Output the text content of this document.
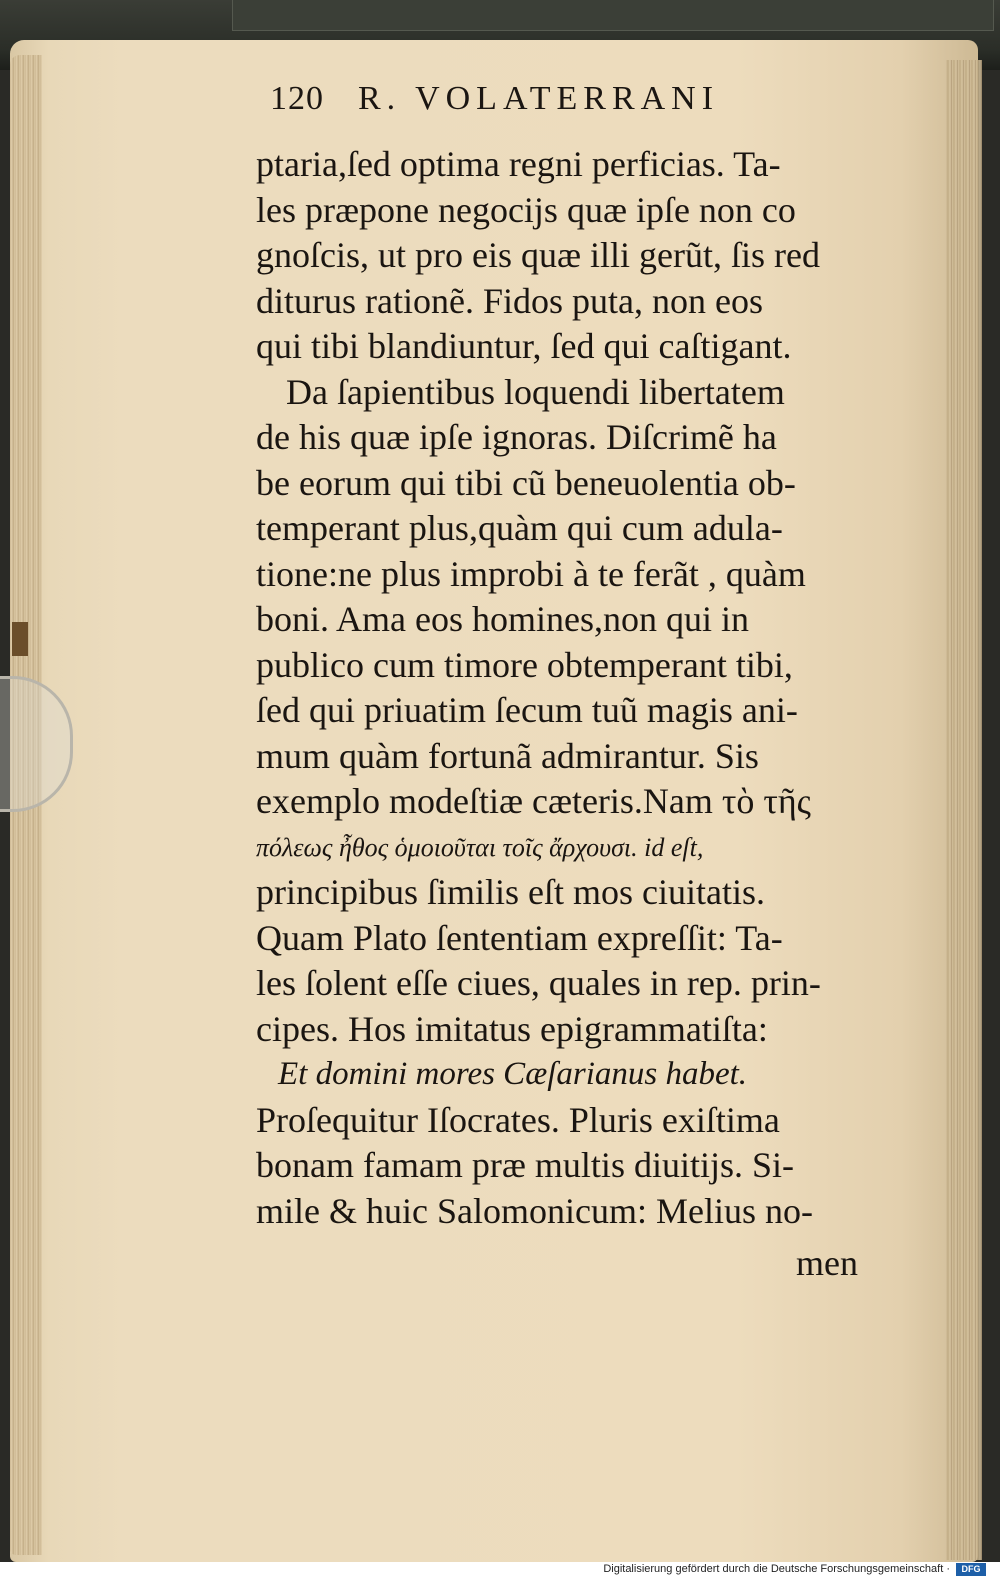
120 R. VOLATERRANI
ptaria,ſed optima regni perficias. Ta-
les præpone negocijs quæ ipſe non co
gnoſcis, ut pro eis quæ illi gerũt, ſis red
diturus rationẽ. Fidos puta, non eos
qui tibi blandiuntur, ſed qui caſtigant.
Da ſapientibus loquendi libertatem
de his quæ ipſe ignoras. Diſcrimẽ ha
be eorum qui tibi cũ beneuolentia ob-
temperant plus,quàm qui cum adula-
tione:ne plus improbi à te ferãt , quàm
boni. Ama eos homines,non qui in
publico cum timore obtemperant tibi,
ſed qui priuatim ſecum tuũ magis ani-
mum quàm fortunã admirantur. Sis
exemplo modeſtiæ cæteris.Nam τὸ τῆς
πόλεως ἦθος ὁμοιοῦται τοῖς ἄρχουσι. id eſt,
principibus ſimilis eſt mos ciuitatis.
Quam Plato ſententiam expreſſit: Ta-
les ſolent eſſe ciues, quales in rep. prin-
cipes. Hos imitatus epigrammatiſta:
Et domini mores Cæſarianus habet.
Proſequitur Iſocrates. Pluris exiſtima
bonam famam præ multis diuitijs. Si-
mile & huic Salomonicum: Melius no-
men
Digitalisierung gefördert durch die Deutsche Forschungsgemeinschaft ·	DFG
